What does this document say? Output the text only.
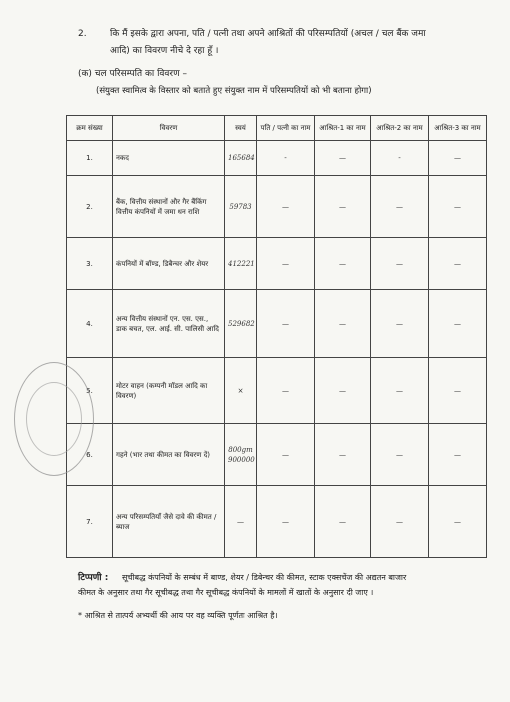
2.	कि मैं इसके द्वारा अपना, पति / पत्नी तथा अपने आश्रितों की परिसम्पतियों (अचल / चल बैंक जमा
आदि) का विवरण नीचे दे रहा हूँ ।
(क) चल परिसम्पति का विवरण –
(संयुक्त स्वामित्व के विस्तार को बताते हुए संयुक्त नाम में परिसम्पतियों को भी बताना होगा)
क्रम संख्या	विवरण	स्वयं	पति / पत्नी का नाम	आश्रित-1 का नाम	आश्रित-2 का नाम	आश्रित-3 का नाम
1.	नकद	165684	-	—	-	—
2.	बैंक, वित्तीय संस्थानों और गैर बैंकिंग वित्तीय कंपनियों में जमा धन राशि	59783	—	—	—	—
3.	कंपनियों में बॉण्ड, डिबैन्चर और शेयर	412221	—	—	—	—
4.	अन्य वित्तीय संस्थानों एन. एस. एस., डाक बचत, एल. आई. सी. पालिसी आदि	529682	—	—	—	—
5.	मोटर वाहन (कम्पनी मॉडल आदि का विवरण)	×	—	—	—	—
6.	गहने (भार तथा कीमत का विवरण दें)	800gm 900000	—	—	—	—
7.	अन्य परिसम्पतियाँ जैसे दावे की कीमत / ब्याज	—	—	—	—	—
टिप्पणी : सूचीबद्ध कंपनियों के सम्बंध में बाण्ड, शेयर / डिबेन्चर की कीमत, स्टाक एक्सचेंज की अद्यतन बाजार
कीमत के अनुसार तथा गैर सूचीबद्ध तथा गैर सूचीबद्ध कंपनियों के मामलों में खातों के अनुसार दी जाए ।
* आश्रित से तात्पर्य अभ्यर्थी की आय पर वह व्यक्ति पूर्णतः आश्रित है।
